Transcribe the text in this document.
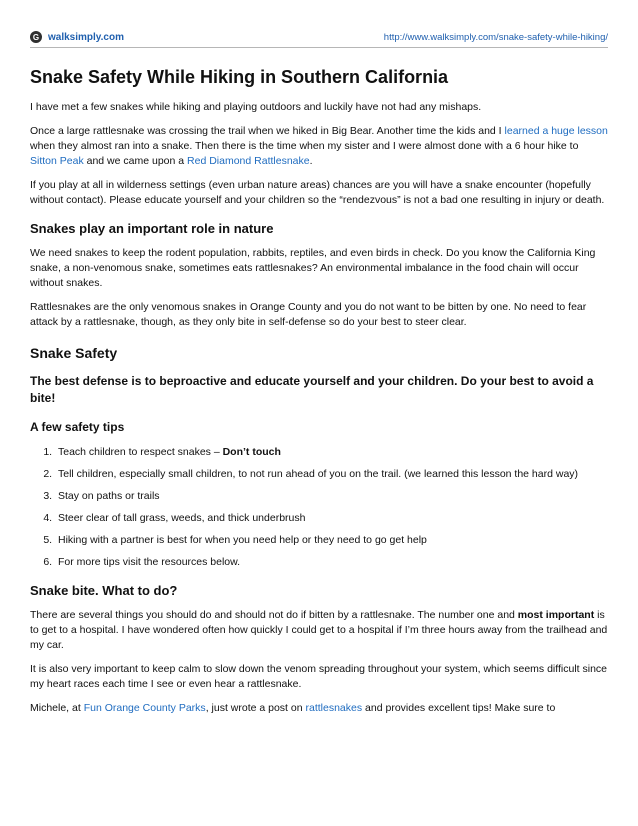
G walksimply.com	http://www.walksimply.com/snake-safety-while-hiking/
Snake Safety While Hiking in Southern California

I have met a few snakes while hiking and playing outdoors and luckily have not had any mishaps.

Once a large rattlesnake was crossing the trail when we hiked in Big Bear. Another time the kids and I learned a huge lesson when they almost ran into a snake. Then there is the time when my sister and I were almost done with a 6 hour hike to Sitton Peak and we came upon a Red Diamond Rattlesnake.

If you play at all in wilderness settings (even urban nature areas) chances are you will have a snake encounter (hopefully without contact). Please educate yourself and your children so the “rendezvous” is not a bad one resulting in injury or death.

Snakes play an important role in nature

We need snakes to keep the rodent population, rabbits, reptiles, and even birds in check. Do you know the California King snake, a non-venomous snake, sometimes eats rattlesnakes? An environmental imbalance in the food chain will occur without snakes.

Rattlesnakes are the only venomous snakes in Orange County and you do not want to be bitten by one. No need to fear attack by a rattlesnake, though, as they only bite in self-defense so do your best to steer clear.

Snake Safety
The best defense is to beproactive and educate yourself and your children. Do your best to avoid a bite!
A few safety tips
1. Teach children to respect snakes – Don’t touch
2. Tell children, especially small children, to not run ahead of you on the trail. (we learned this lesson the hard way)
3. Stay on paths or trails
4. Steer clear of tall grass, weeds, and thick underbrush
5. Hiking with a partner is best for when you need help or they need to go get help
6. For more tips visit the resources below.
Snake bite. What to do?

There are several things you should do and should not do if bitten by a rattlesnake. The number one and most important is to get to a hospital. I have wondered often how quickly I could get to a hospital if I’m three hours away from the trailhead and my car.

It is also very important to keep calm to slow down the venom spreading throughout your system, which seems difficult since my heart races each time I see or even hear a rattlesnake.

Michele, at Fun Orange County Parks, just wrote a post on rattlesnakes and provides excellent tips! Make sure to
